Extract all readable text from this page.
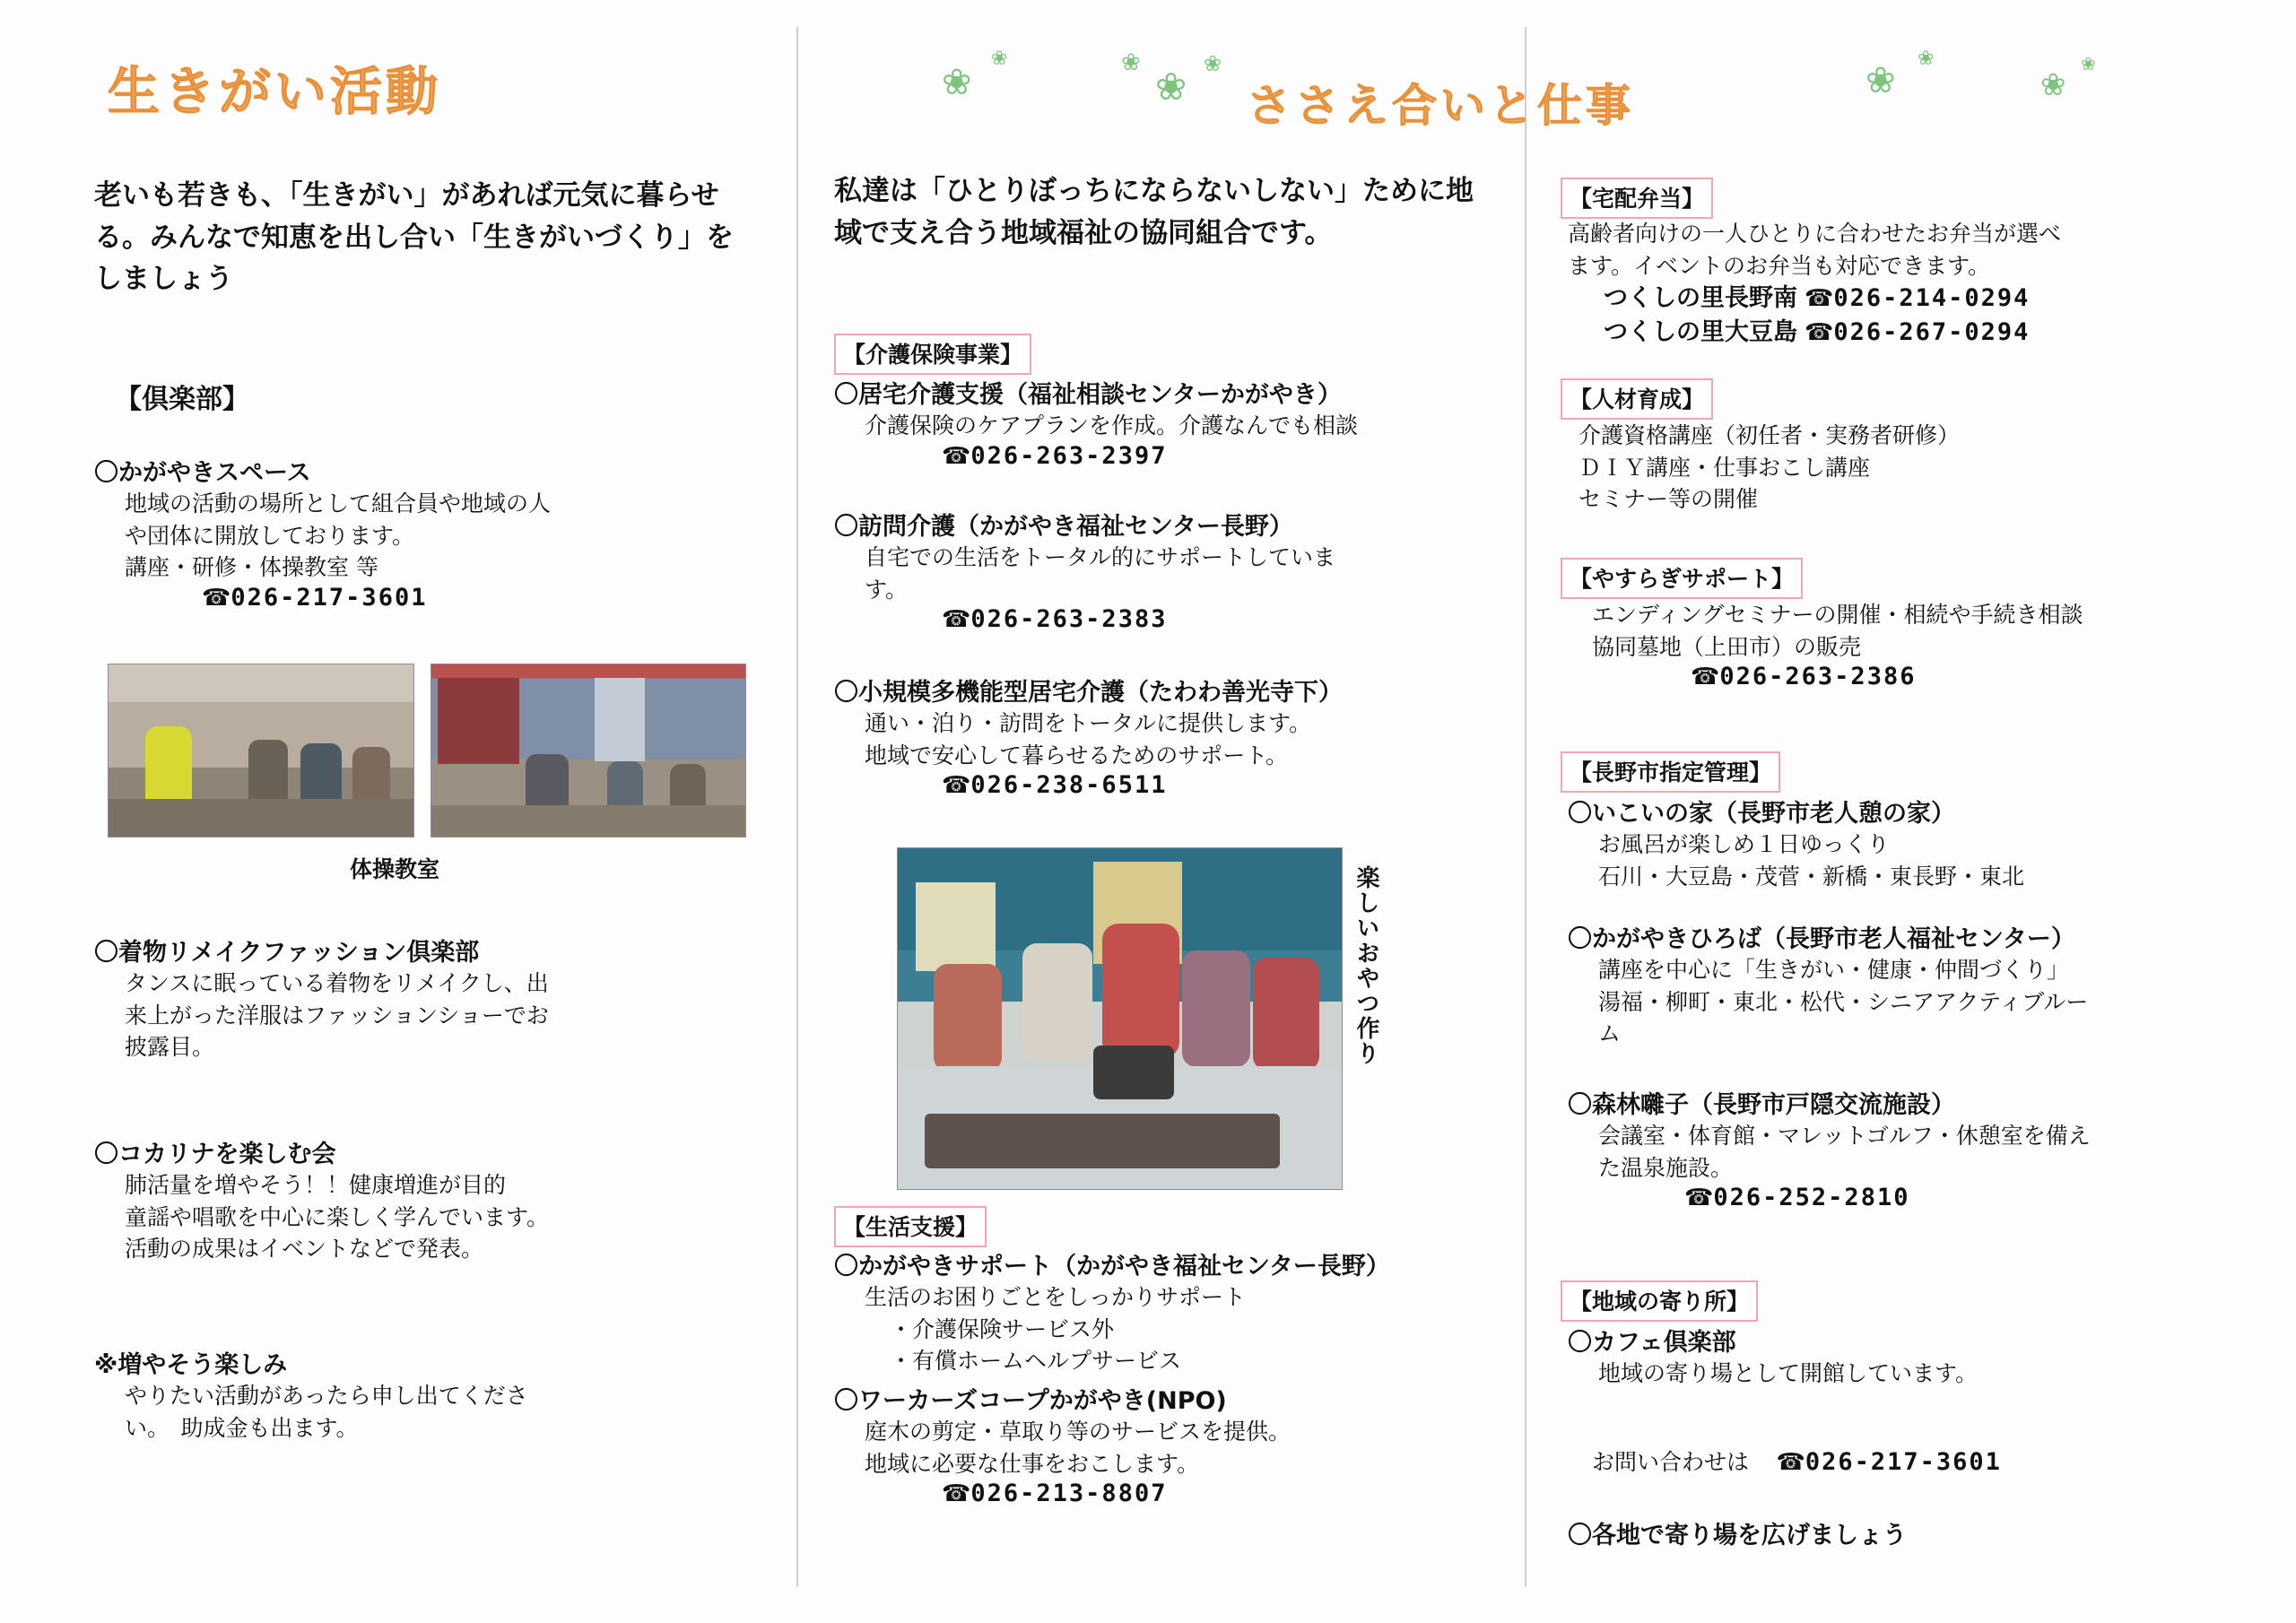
生きがい活動	ささえ合いと仕事
❀
❀	❀
❀
❀	❀
❀
❀
❀
老いも若きも、「生きがい」があれば元気に暮らせる。みんなで知恵を出し合い「生きがいづくり」をしましょう
【倶楽部】
〇かがやきスペース
地域の活動の場所として組合員や地域の人
や団体に開放しております。
講座・研修・体操教室 等
☎026-217-3601
体操教室
〇着物リメイクファッション倶楽部
タンスに眠っている着物をリメイクし、出
来上がった洋服はファッションショーでお
披露目。
〇コカリナを楽しむ会
肺活量を増やそう！！健康増進が目的
童謡や唱歌を中心に楽しく学んでいます。
活動の成果はイベントなどで発表。
※増やそう楽しみ
やりたい活動があったら申し出てくださ
い。　助成金も出ます。
私達は「ひとりぼっちにならないしない」ために地域で支え合う地域福祉の協同組合です。
【介護保険事業】
〇居宅介護支援（福祉相談センターかがやき）
介護保険のケアプランを作成。介護なんでも相談
☎026-263-2397
〇訪問介護（かがやき福祉センター長野）
自宅での生活をトータル的にサポートしていま
す。
☎026-263-2383
〇小規模多機能型居宅介護（たわわ善光寺下）
通い・泊り・訪問をトータルに提供します。
地域で安心して暮らせるためのサポート。
☎026-238-6511
楽しいおやつ作り
【生活支援】
〇かがやきサポート（かがやき福祉センター長野）
生活のお困りごとをしっかりサポート
・介護保険サービス外
・有償ホームヘルプサービス
〇ワーカーズコープかがやき(NPO)
庭木の剪定・草取り等のサービスを提供。
地域に必要な仕事をおこします。
☎026-213-8807
【宅配弁当】
高齢者向けの一人ひとりに合わせたお弁当が選べ
ます。イベントのお弁当も対応できます。
つくしの里長野南 ☎026-214-0294
つくしの里大豆島 ☎026-267-0294
【人材育成】
介護資格講座（初任者・実務者研修）
ＤＩＹ講座・仕事おこし講座
セミナー等の開催
【やすらぎサポート】
エンディングセミナーの開催・相続や手続き相談
協同墓地（上田市）の販売
☎026-263-2386
【長野市指定管理】
〇いこいの家（長野市老人憩の家）
お風呂が楽しめ１日ゆっくり
石川・大豆島・茂菅・新橋・東長野・東北
〇かがやきひろば（長野市老人福祉センター）
講座を中心に「生きがい・健康・仲間づくり」
湯福・柳町・東北・松代・シニアアクティブルー
ム
〇森林囃子（長野市戸隠交流施設）
会議室・体育館・マレットゴルフ・休憩室を備え
た温泉施設。
☎026-252-2810
【地域の寄り所】
〇カフェ倶楽部
地域の寄り場として開館しています。
お問い合わせは 　☎026-217-3601
〇各地で寄り場を広げましょう
